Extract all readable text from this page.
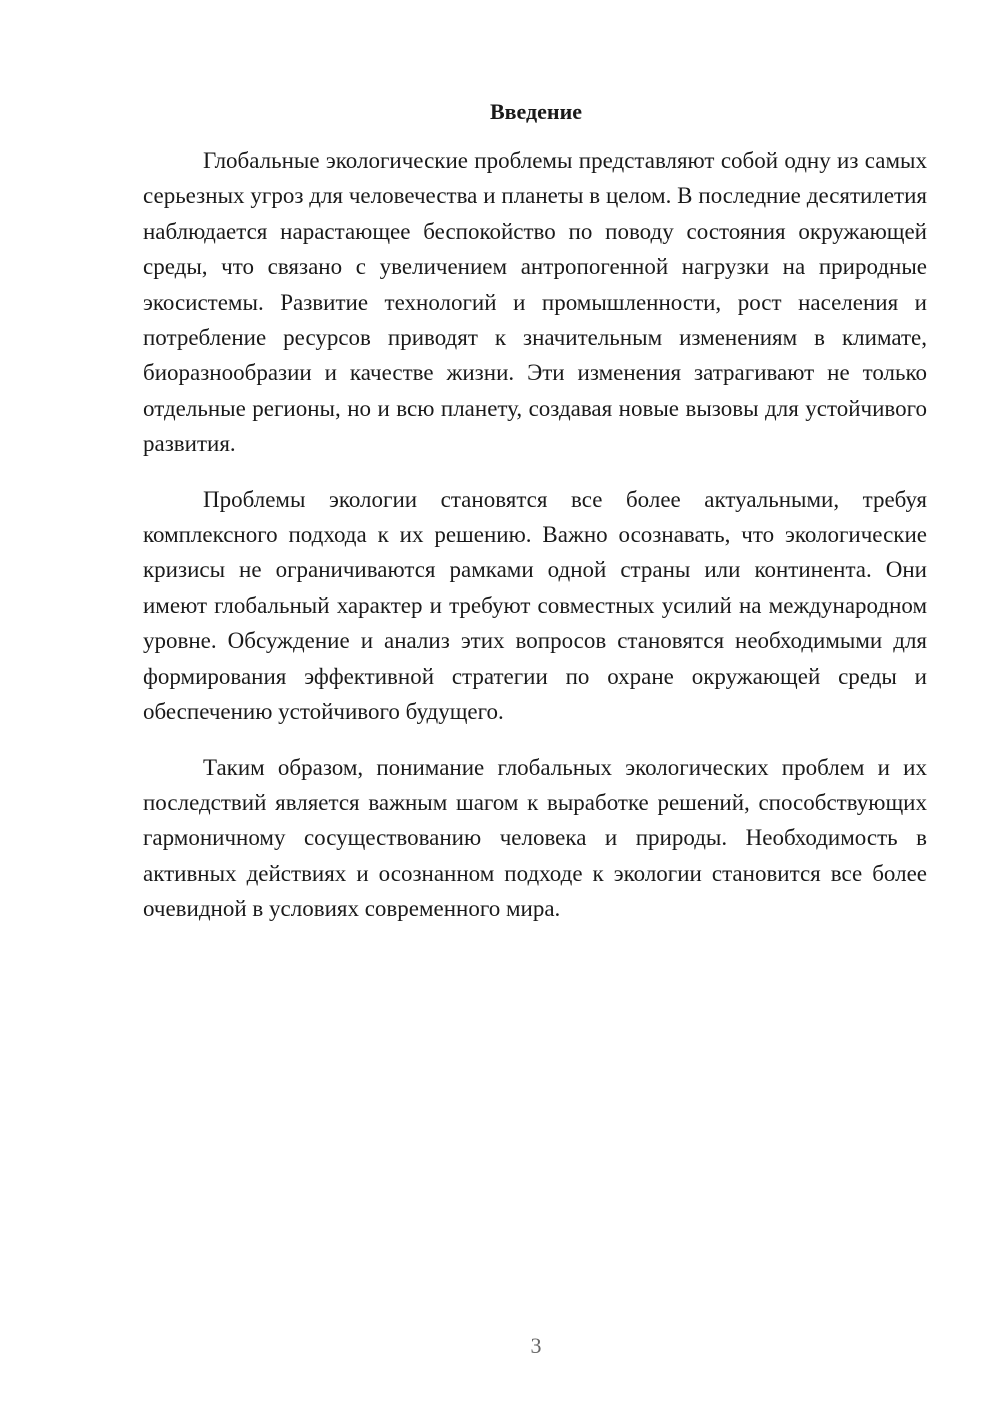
Введение

Глобальные экологические проблемы представляют собой одну из самых серьезных угроз для человечества и планеты в целом. В последние десятилетия наблюдается нарастающее беспокойство по поводу состояния окружающей среды, что связано с увеличением антропогенной нагрузки на природные экосистемы. Развитие технологий и промышленности, рост населения и потребление ресурсов приводят к значительным изменениям в климате, биоразнообразии и качестве жизни. Эти изменения затрагивают не только отдельные регионы, но и всю планету, создавая новые вызовы для устойчивого развития.

Проблемы экологии становятся все более актуальными, требуя комплексного подхода к их решению. Важно осознавать, что экологические кризисы не ограничиваются рамками одной страны или континента. Они имеют глобальный характер и требуют совместных усилий на международном уровне. Обсуждение и анализ этих вопросов становятся необходимыми для формирования эффективной стратегии по охране окружающей среды и обеспечению устойчивого будущего.

Таким образом, понимание глобальных экологических проблем и их последствий является важным шагом к выработке решений, способствующих гармоничному сосуществованию человека и природы. Необходимость в активных действиях и осознанном подходе к экологии становится все более очевидной в условиях современного мира.

3
